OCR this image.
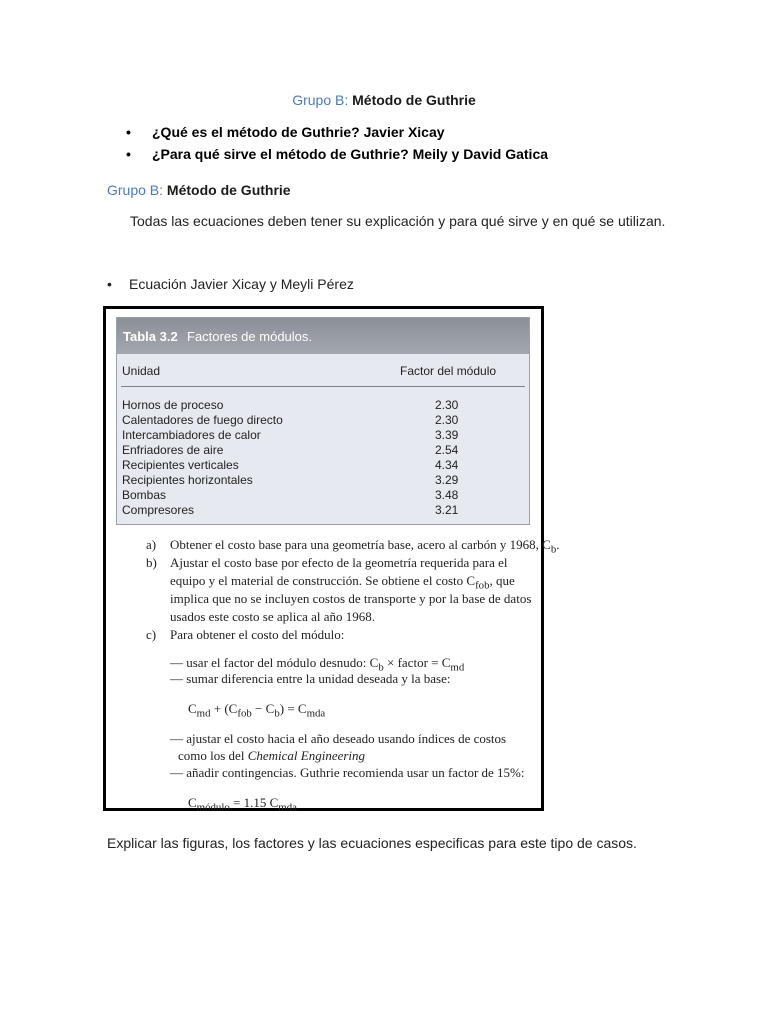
Grupo B: Método de Guthrie
• ¿Qué es el método de Guthrie? Javier Xicay
• ¿Para qué sirve el método de Guthrie? Meily y David Gatica
Grupo B: Método de Guthrie
Todas las ecuaciones deben tener su explicación y para qué sirve y en qué se utilizan.
• Ecuación Javier Xicay y Meyli Pérez
Tabla 3.2 Factores de módulos.
Unidad	Factor del módulo
Hornos de proceso	2.30
Calentadores de fuego directo	2.30
Intercambiadores de calor	3.39
Enfriadores de aire	2.54
Recipientes verticales	4.34
Recipientes horizontales	3.29
Bombas	3.48
Compresores	3.21
a) Obtener el costo base para una geometría base, acero al carbón y 1968, $C_b$.
b) Ajustar el costo base por efecto de la geometría requerida para el
equipo y el material de construcción. Se obtiene el costo $C_{fob}$, que
implica que no se incluyen costos de transporte y por la base de datos
usados este costo se aplica al año 1968.
c) Para obtener el costo del módulo:
— usar el factor del módulo desnudo: $C_b$ × factor = $C_{md}$
— sumar diferencia entre la unidad deseada y la base:
$C_{md} + (C_{fob} - C_b) = C_{mda}$
— ajustar el costo hacia el año deseado usando índices de costos
como los del Chemical Engineering
— añadir contingencias. Guthrie recomienda usar un factor de 15%:
$C_{módulo} = 1.15$ $C_{mda}$
Explicar las figuras, los factores y las ecuaciones especificas para este tipo de casos.
